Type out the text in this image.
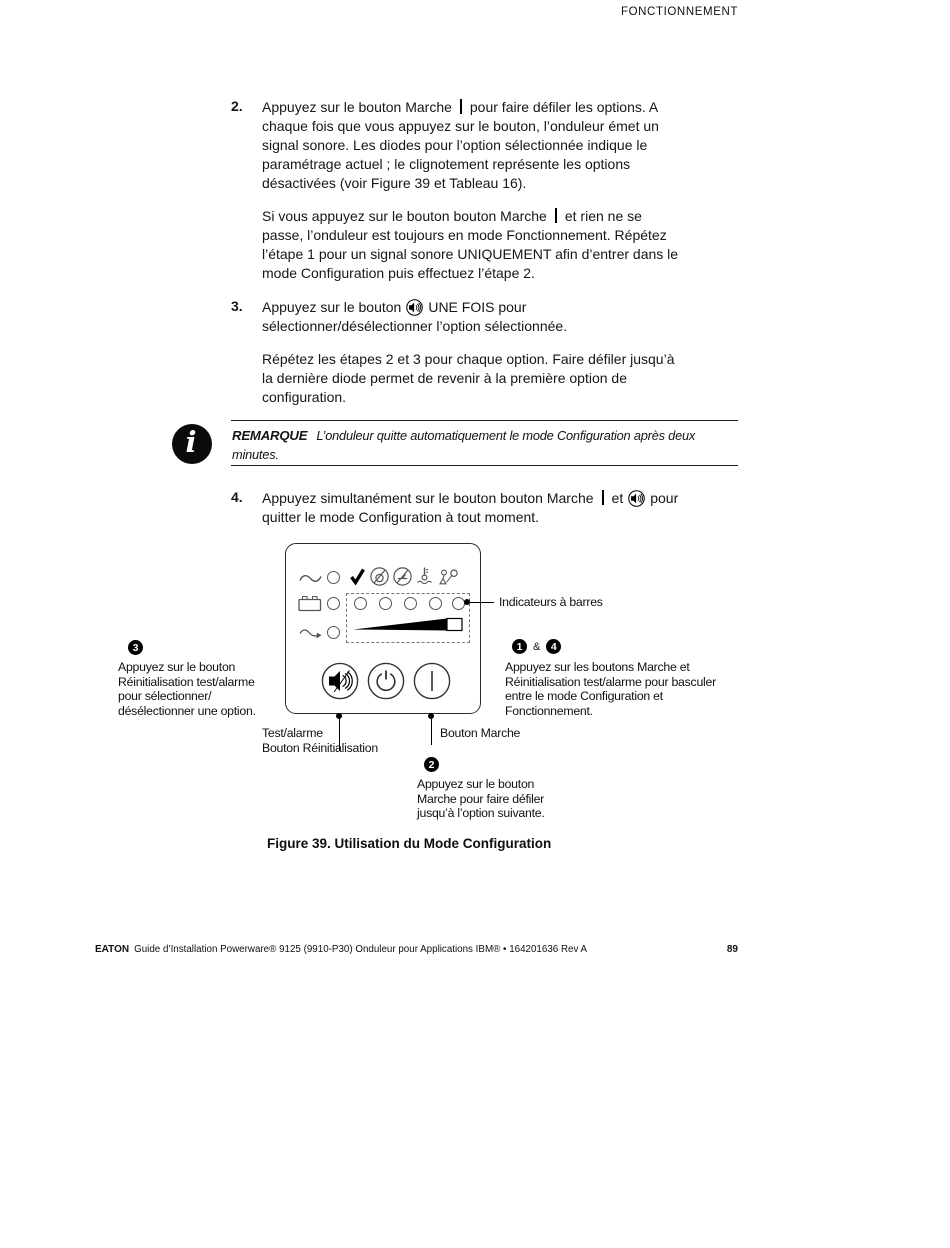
FONCTIONNEMENT
2. Appuyez sur le bouton Marche pour faire défiler les options. A
chaque fois que vous appuyez sur le bouton, l’onduleur émet un
signal sonore. Les diodes pour l’option sélectionnée indique le
paramétrage actuel ; le clignotement représente les options
désactivées (voir Figure 39 et Tableau 16).
Si vous appuyez sur le bouton bouton Marche et rien ne se
passe, l’onduleur est toujours en mode Fonctionnement. Répétez
l’étape 1 pour un signal sonore UNIQUEMENT afin d’entrer dans le
mode Configuration puis effectuez l’étape 2.
3. Appuyez sur le bouton UNE FOIS pour
sélectionner/désélectionner l’option sélectionnée.
Répétez les étapes 2 et 3 pour chaque option. Faire défiler jusqu’à
la dernière diode permet de revenir à la première option de
configuration.
i	REMARQUE L’onduleur quitte automatiquement le mode Configuration après deux
minutes.
4. Appuyez simultanément sur le bouton bouton Marche et pour
quitter le mode Configuration à tout moment.
Indicateurs à barres
3
Appuyez sur le bouton
Réinitialisation test/alarme
pour sélectionner/
désélectionner une option.
1 &	4
Appuyez sur les boutons Marche et
Réinitialisation test/alarme pour basculer
entre le mode Configuration et
Fonctionnement.
Test/alarme
Bouton Réinitialisation
Bouton Marche
2
Appuyez sur le bouton
Marche pour faire défiler
jusqu’à l’option suivante.
Figure 39. Utilisation du Mode Configuration
EATON Guide d’Installation Powerware® 9125 (9910-P30) Onduleur pour Applications IBM® • 164201636 Rev A	89
